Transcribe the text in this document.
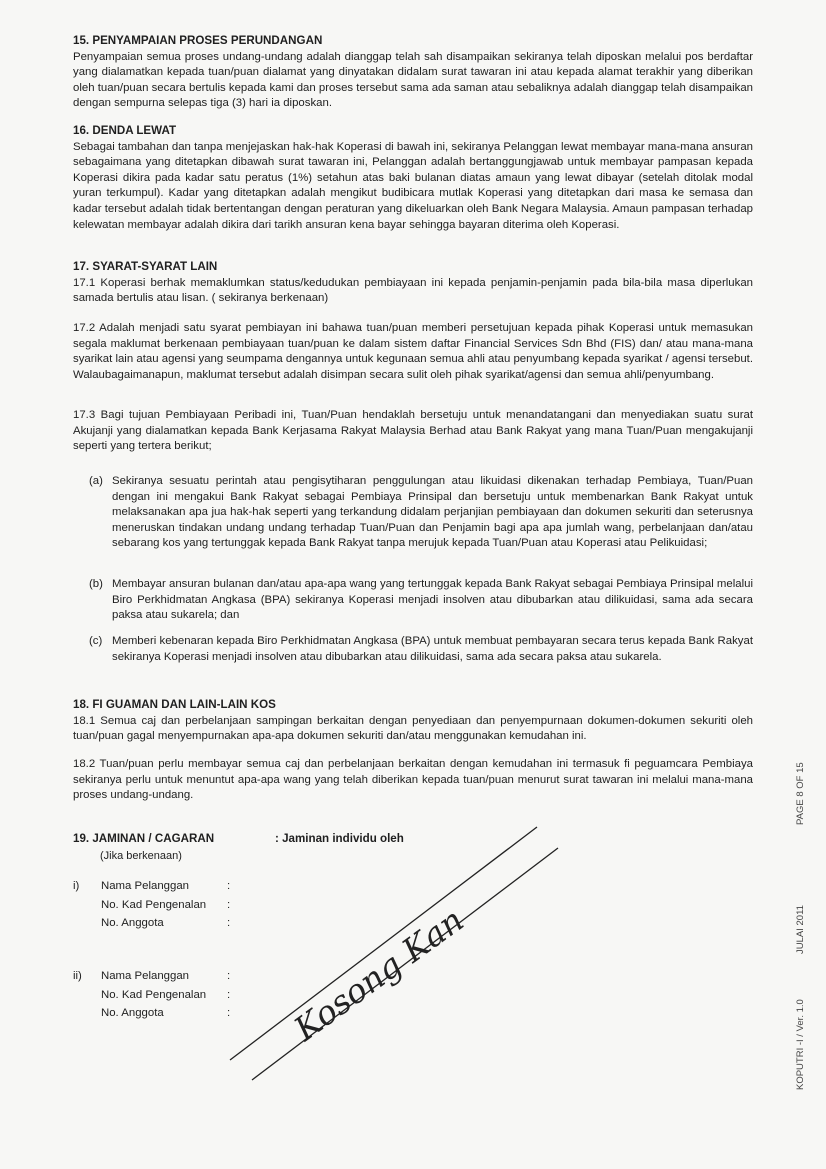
15. PENYAMPAIAN PROSES PERUNDANGAN

Penyampaian semua proses undang-undang adalah dianggap telah sah disampaikan sekiranya telah diposkan melalui pos berdaftar yang dialamatkan kepada tuan/puan dialamat yang dinyatakan didalam surat tawaran ini atau kepada alamat terakhir yang diberikan oleh tuan/puan secara bertulis kepada kami dan proses tersebut sama ada saman atau sebaliknya adalah dianggap telah disampaikan dengan sempurna selepas tiga (3) hari ia diposkan.

16. DENDA LEWAT

Sebagai tambahan dan tanpa menjejaskan hak-hak Koperasi di bawah ini, sekiranya Pelanggan lewat membayar mana-mana ansuran sebagaimana yang ditetapkan dibawah surat tawaran ini, Pelanggan adalah bertanggungjawab untuk membayar pampasan kepada Koperasi dikira pada kadar satu peratus (1%) setahun atas baki bulanan diatas amaun yang lewat dibayar (setelah ditolak modal yuran terkumpul). Kadar yang ditetapkan adalah mengikut budibicara mutlak Koperasi yang ditetapkan dari masa ke semasa dan kadar tersebut adalah tidak bertentangan dengan peraturan yang dikeluarkan oleh Bank Negara Malaysia. Amaun pampasan terhadap kelewatan membayar adalah dikira dari tarikh ansuran kena bayar sehingga bayaran diterima oleh Koperasi.

17. SYARAT-SYARAT LAIN

17.1 Koperasi berhak memaklumkan status/kedudukan pembiayaan ini kepada penjamin-penjamin pada bila-bila masa diperlukan samada bertulis atau lisan. ( sekiranya berkenaan)

17.2 Adalah menjadi satu syarat pembiayan ini bahawa tuan/puan memberi persetujuan kepada pihak Koperasi untuk memasukan segala maklumat berkenaan pembiayaan tuan/puan ke dalam sistem daftar Financial Services Sdn Bhd (FIS) dan/ atau mana-mana syarikat lain atau agensi yang seumpama dengannya untuk kegunaan semua ahli atau penyumbang kepada syarikat / agensi tersebut. Walaubagaimanapun, maklumat tersebut adalah disimpan secara sulit oleh pihak syarikat/agensi dan semua ahli/penyumbang.

17.3 Bagi tujuan Pembiayaan Peribadi ini, Tuan/Puan hendaklah bersetuju untuk menandatangani dan menyediakan suatu surat Akujanji yang dialamatkan kepada Bank Kerjasama Rakyat Malaysia Berhad atau Bank Rakyat yang mana Tuan/Puan mengakujanji seperti yang tertera berikut;

(a) Sekiranya sesuatu perintah atau pengisytiharan penggulungan atau likuidasi dikenakan terhadap Pembiaya, Tuan/Puan dengan ini mengakui Bank Rakyat sebagai Pembiaya Prinsipal dan bersetuju untuk membenarkan Bank Rakyat untuk melaksanakan apa jua hak-hak seperti yang terkandung didalam perjanjian pembiayaan dan dokumen sekuriti dan seterusnya meneruskan tindakan undang undang terhadap Tuan/Puan dan Penjamin bagi apa apa jumlah wang, perbelanjaan dan/atau sebarang kos yang tertunggak kepada Bank Rakyat tanpa merujuk kepada Tuan/Puan atau Koperasi atau Pelikuidasi;

(b) Membayar ansuran bulanan dan/atau apa-apa wang yang tertunggak kepada Bank Rakyat sebagai Pembiaya Prinsipal melalui Biro Perkhidmatan Angkasa (BPA) sekiranya Koperasi menjadi insolven atau dibubarkan atau dilikuidasi, sama ada secara paksa atau sukarela; dan

(c) Memberi kebenaran kepada Biro Perkhidmatan Angkasa (BPA) untuk membuat pembayaran secara terus kepada Bank Rakyat sekiranya Koperasi menjadi insolven atau dibubarkan atau dilikuidasi, sama ada secara paksa atau sukarela.

18. FI GUAMAN DAN LAIN-LAIN KOS

18.1 Semua caj dan perbelanjaan sampingan berkaitan dengan penyediaan dan penyempurnaan dokumen-dokumen sekuriti oleh tuan/puan gagal menyempurnakan apa-apa dokumen sekuriti dan/atau menggunakan kemudahan ini.

18.2 Tuan/puan perlu membayar semua caj dan perbelanjaan berkaitan dengan kemudahan ini termasuk fi peguamcara Pembiaya sekiranya perlu untuk menuntut apa-apa wang yang telah diberikan kepada tuan/puan menurut surat tawaran ini melalui mana-mana proses undang-undang.

19. JAMINAN / CAGARAN
(Jika berkenaan)
: Jaminan individu oleh
i) Nama Pelanggan	:
No. Kad Pengenalan :
No. Anggota	:
ii) Nama Pelanggan	:
No. Kad Pengenalan :
No. Anggota	: Kosong Kan	KOPUTRI -I / Ver. 1.0
JULAI 2011
PAGE 8 OF 15
